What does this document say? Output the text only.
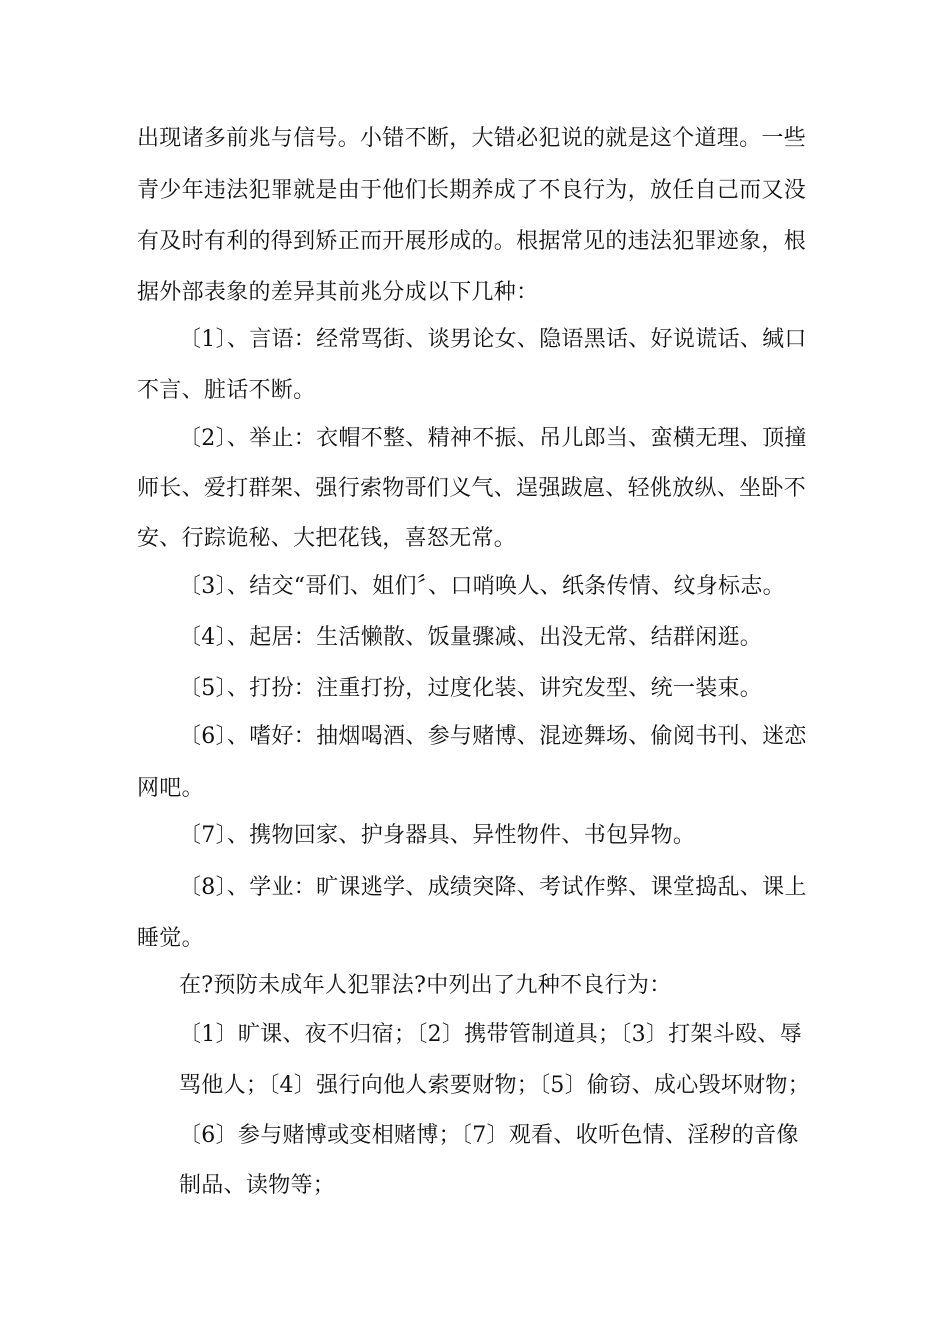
出现诸多前兆与信号。小错不断，大错必犯说的就是这个道理。一些
青少年违法犯罪就是由于他们长期养成了不良行为，放任自己而又没
有及时有利的得到矫正而开展形成的。根据常见的违法犯罪迹象，根
据外部表象的差异其前兆分成以下几种：
〔1〕、言语：经常骂街、谈男论女、隐语黑话、好说谎话、缄口
不言、脏话不断。
〔2〕、举止：衣帽不整、精神不振、吊儿郎当、蛮横无理、顶撞
师长、爱打群架、强行索物哥们义气、逞强跋扈、轻佻放纵、坐卧不
安、行踪诡秘、大把花钱，喜怒无常。
〔3〕、结交“哥们、姐们〞、口哨唤人、纸条传情、纹身标志。
〔4〕、起居：生活懒散、饭量骤减、出没无常、结群闲逛。
〔5〕、打扮：注重打扮，过度化装、讲究发型、统一装束。
〔6〕、嗜好：抽烟喝酒、参与赌博、混迹舞场、偷阅书刊、迷恋
网吧。
〔7〕、携物回家、护身器具、异性物件、书包异物。
〔8〕、学业：旷课逃学、成绩突降、考试作弊、课堂捣乱、课上
睡觉。
在?预防未成年人犯罪法?中列出了九种不良行为：
〔1〕旷课、夜不归宿；〔2〕携带管制道具；〔3〕打架斗殴、辱
骂他人；〔4〕强行向他人索要财物；〔5〕偷窃、成心毁坏财物；
〔6〕参与赌博或变相赌博；〔7〕观看、收听色情、淫秽的音像
制品、读物等；
